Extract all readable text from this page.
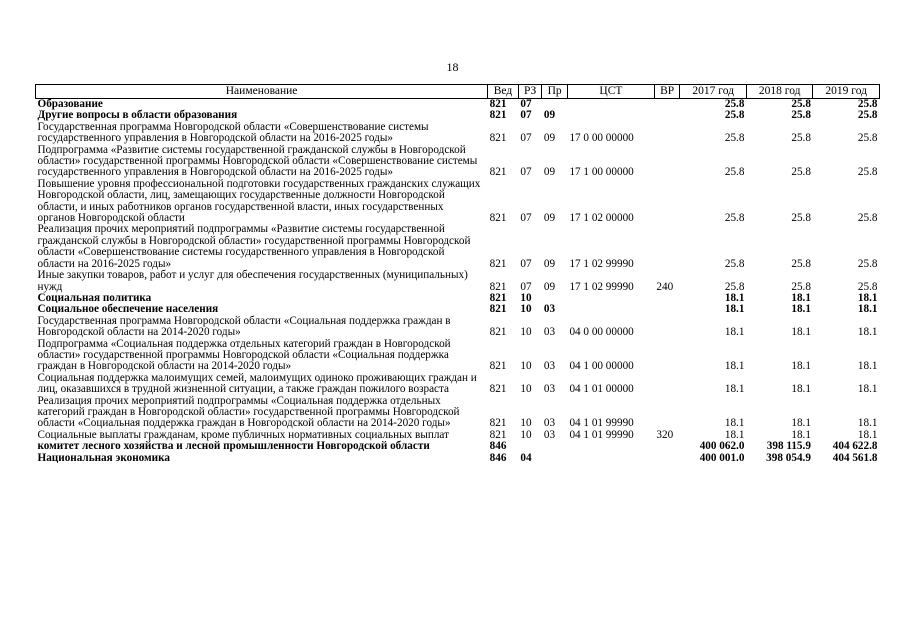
18
Наименование	Вед	РЗ	Пр	ЦСТ	ВР	2017 год	2018 год	2019 год
Образование	821	07				25.8	25.8	25.8
Другие вопросы в области образования	821	07	09			25.8	25.8	25.8
Государственная программа Новгородской области «Совершенствование системы государственного управления в Новгородской области на 2016-2025 годы»	821	07	09	17 0 00 00000		25.8	25.8	25.8
Подпрограмма «Развитие системы государственной гражданской службы в Новгородской области» государственной программы Новгородской области «Совершенствование системы государственного управления в Новгородской области на 2016-2025 годы»	821	07	09	17 1 00 00000		25.8	25.8	25.8
Повышение уровня профессиональной подготовки государственных гражданских служащих Новгородской области, лиц, замещающих государственные должности Новгородской области, и иных работников органов государственной власти, иных государственных органов Новгородской области	821	07	09	17 1 02 00000		25.8	25.8	25.8
Реализация прочих мероприятий подпрограммы «Развитие системы государственной гражданской службы в Новгородской области» государственной программы Новгородской области «Совершенствование системы государственного управления в Новгородской области на 2016-2025 годы»	821	07	09	17 1 02 99990		25.8	25.8	25.8
Иные закупки товаров, работ и услуг для обеспечения государственных (муниципальных) нужд	821	07	09	17 1 02 99990	240	25.8	25.8	25.8
Социальная политика	821	10				18.1	18.1	18.1
Социальное обеспечение населения	821	10	03			18.1	18.1	18.1
Государственная программа Новгородской области «Социальная поддержка граждан в Новгородской области на 2014-2020 годы»	821	10	03	04 0 00 00000		18.1	18.1	18.1
Подпрограмма «Социальная поддержка отдельных категорий граждан в Новгородской области» государственной программы Новгородской области «Социальная поддержка граждан в Новгородской области на 2014-2020 годы»	821	10	03	04 1 00 00000		18.1	18.1	18.1
Социальная поддержка малоимущих семей, малоимущих одиноко проживающих граждан и лиц, оказавшихся в трудной жизненной ситуации, а также граждан пожилого возраста	821	10	03	04 1 01 00000		18.1	18.1	18.1
Реализация прочих мероприятий подпрограммы «Социальная поддержка отдельных категорий граждан в Новгородской области» государственной программы Новгородской области «Социальная поддержка граждан в Новгородской области на 2014-2020 годы»	821	10	03	04 1 01 99990		18.1	18.1	18.1
Социальные выплаты гражданам, кроме публичных нормативных социальных выплат	821	10	03	04 1 01 99990	320	18.1	18.1	18.1
комитет лесного хозяйства и лесной промышленности Новгородской области	846					400 062.0	398 115.9	404 622.8
Национальная экономика	846	04				400 001.0	398 054.9	404 561.8
